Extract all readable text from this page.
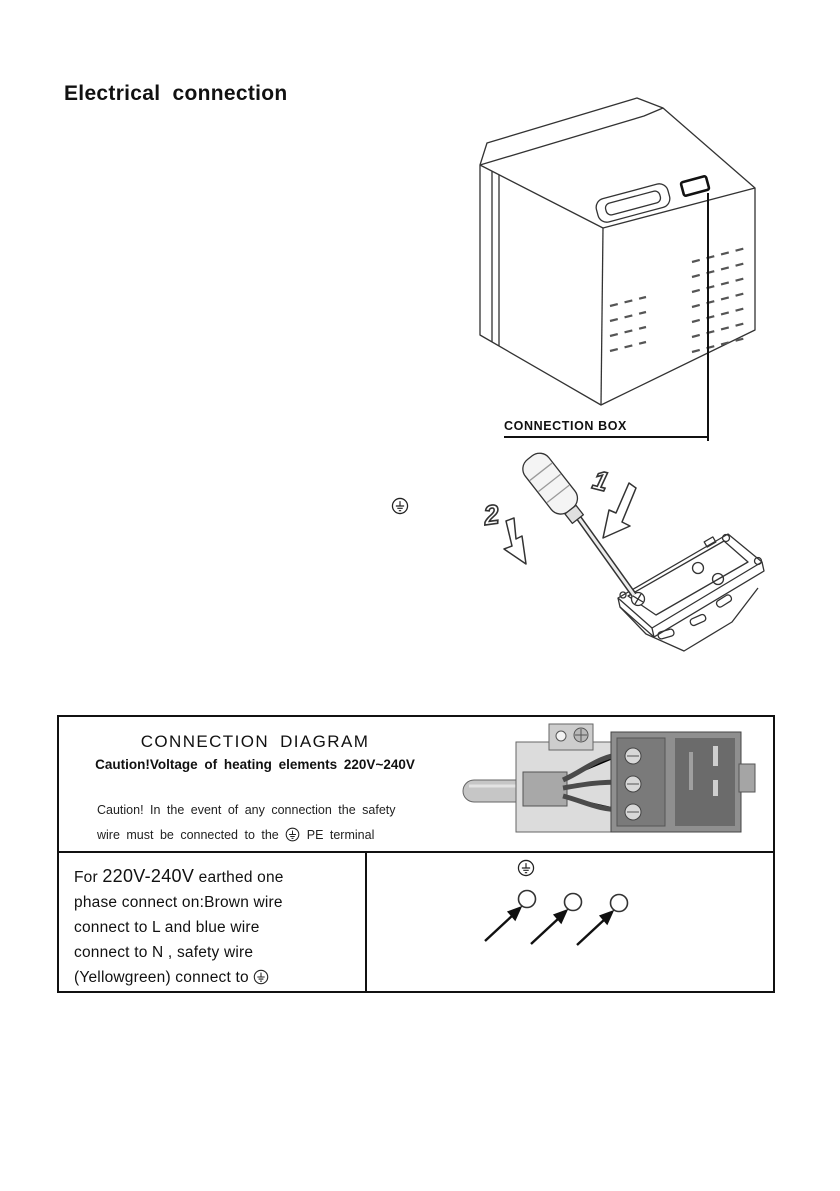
Electrical connection
CONNECTION BOX
1
2
CONNECTION DIAGRAM
Caution!Voltage of heating elements 220V~240V
Caution! In the event of any connection the safety
wire must be connected to the PE terminal
For 220V-240V earthed one
phase connect on:Brown wire
connect to L and blue wire
connect to N , safety wire
(Yellowgreen) connect to
